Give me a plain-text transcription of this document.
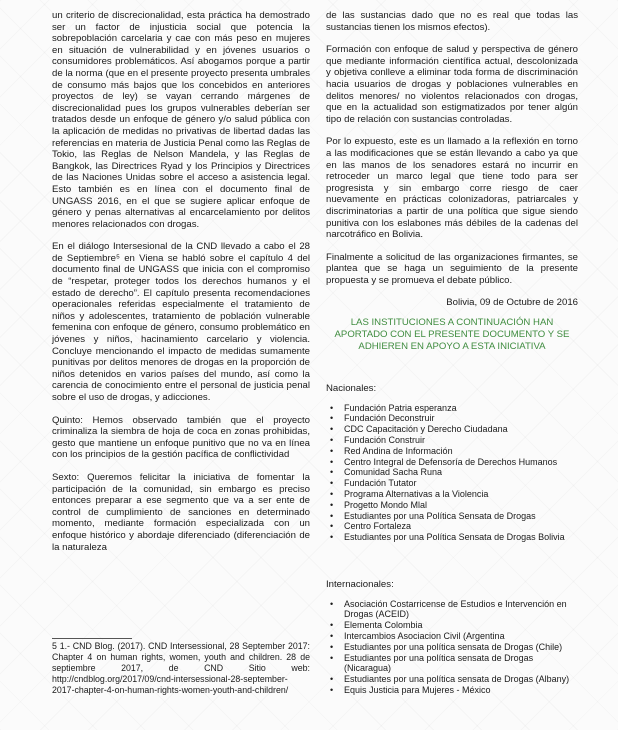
un criterio de discrecionalidad, esta práctica ha demostrado ser un factor de injusticia social que potencia la sobrepoblación carcelaria y cae con más peso en mujeres en situación de vulnerabilidad y en jóvenes usuarios o consumidores problemáticos. Así abogamos porque a partir de la norma (que en el presente proyecto presenta umbrales de consumo más bajos que los concebidos en anteriores proyectos de ley) se vayan cerrando márgenes de discrecionalidad pues los grupos vulnerables deberían ser tratados desde un enfoque de género y/o salud pública con la aplicación de medidas no privativas de libertad dadas las referencias en materia de Justicia Penal como las Reglas de Tokio, las Reglas de Nelson Mandela, y las Reglas de Bangkok, las Directrices Ryad y los Principios y Directrices de las Naciones Unidas sobre el acceso a asistencia legal. Esto también es en línea con el documento final de UNGASS 2016, en el que se sugiere aplicar enfoque de género y penas alternativas al encarcelamiento por delitos menores relacionados con drogas.

En el diálogo Intersesional de la CND llevado a cabo el 28 de Septiembre⁵ en Viena se habló sobre el capítulo 4 del documento final de UNGASS que inicia con el compromiso de “respetar, proteger todos los derechos humanos y el estado de derecho”. El capítulo presenta recomendaciones operacionales referidas especialmente el tratamiento de niños y adolescentes, tratamiento de población vulnerable femenina con enfoque de género, consumo problemático en jóvenes y niños, hacinamiento carcelario y violencia. Concluye mencionando el impacto de medidas sumamente punitivas por delitos menores de drogas en la proporción de niños detenidos en varios países del mundo, así como la carencia de conocimiento entre el personal de justicia penal sobre el uso de drogas, y adicciones.

Quinto: Hemos observado también que el proyecto criminaliza la siembra de hoja de coca en zonas prohibidas, gesto que mantiene un enfoque punitivo que no va en línea con los principios de la gestión pacífica de conflictividad

Sexto: Queremos felicitar la iniciativa de fomentar la participación de la comunidad, sin embargo es preciso entonces preparar a ese segmento que va a ser ente de control de cumplimiento de sanciones en determinado momento, mediante formación especializada con un enfoque histórico y abordaje diferenciado (diferenciación de la naturaleza

5 1.- CND Blog. (2017). CND Intersessional, 28 September 2017: Chapter 4 on human rights, women, youth and children. 28 de septiembre 2017, de CND Sitio web: http://cndblog.org/2017/09/cnd-intersessional-28-september-2017-chapter-4-on-human-rights-women-youth-and-children/

de las sustancias dado que no es real que todas las sustancias tienen los mismos efectos).

Formación con enfoque de salud y perspectiva de género que mediante información científica actual, descolonizada y objetiva conlleve a eliminar toda forma de discriminación hacia usuarios de drogas y poblaciones vulnerables en delitos menores/ no violentos relacionados con drogas, que en la actualidad son estigmatizados por tener algún tipo de relación con sustancias controladas.

Por lo expuesto, este es un llamado a la reflexión en torno a las modificaciones que se están llevando a cabo ya que en las manos de los senadores estará no incurrir en retroceder un marco legal que tiene todo para ser progresista y sin embargo corre riesgo de caer nuevamente en prácticas colonizadoras, patriarcales y discriminatorias a partir de una política que sigue siendo punitiva con los eslabones más débiles de la cadenas del narcotráfico en Bolivia.

Finalmente a solicitud de las organizaciones firmantes, se plantea que se haga un seguimiento de la presente propuesta y se promueva el debate público.

Bolivia, 09 de Octubre de 2016
LAS INSTITUCIONES A CONTINUACIÓN HAN APORTADO CON EL PRESENTE DOCUMENTO Y SE ADHIEREN EN APOYO A ESTA INICIATIVA
Nacionales:
• Fundación Patria esperanza
• Fundación Deconstruir
• CDC Capacitación y Derecho Ciudadana
• Fundación Construir
• Red Andina de Información
• Centro Integral de Defensoría de Derechos Humanos
• Comunidad Sacha Runa
• Fundación Tutator
• Programa Alternativas a la Violencia
• Progetto Mondo Mlal
• Estudiantes por una Política Sensata de Drogas
• Centro Fortaleza
• Estudiantes por una Política Sensata de Drogas Bolivia
Internacionales:
• Asociación Costarricense de Estudios e Intervención en Drogas (ACEID)
• Elementa Colombia
• Intercambios Asociacion Civil (Argentina
• Estudiantes por una política sensata de Drogas (Chile)
• Estudiantes por una política sensata de Drogas (Nicaragua)
• Estudiantes por una política sensata de Drogas (Albany)
• Equis Justicia para Mujeres - México
